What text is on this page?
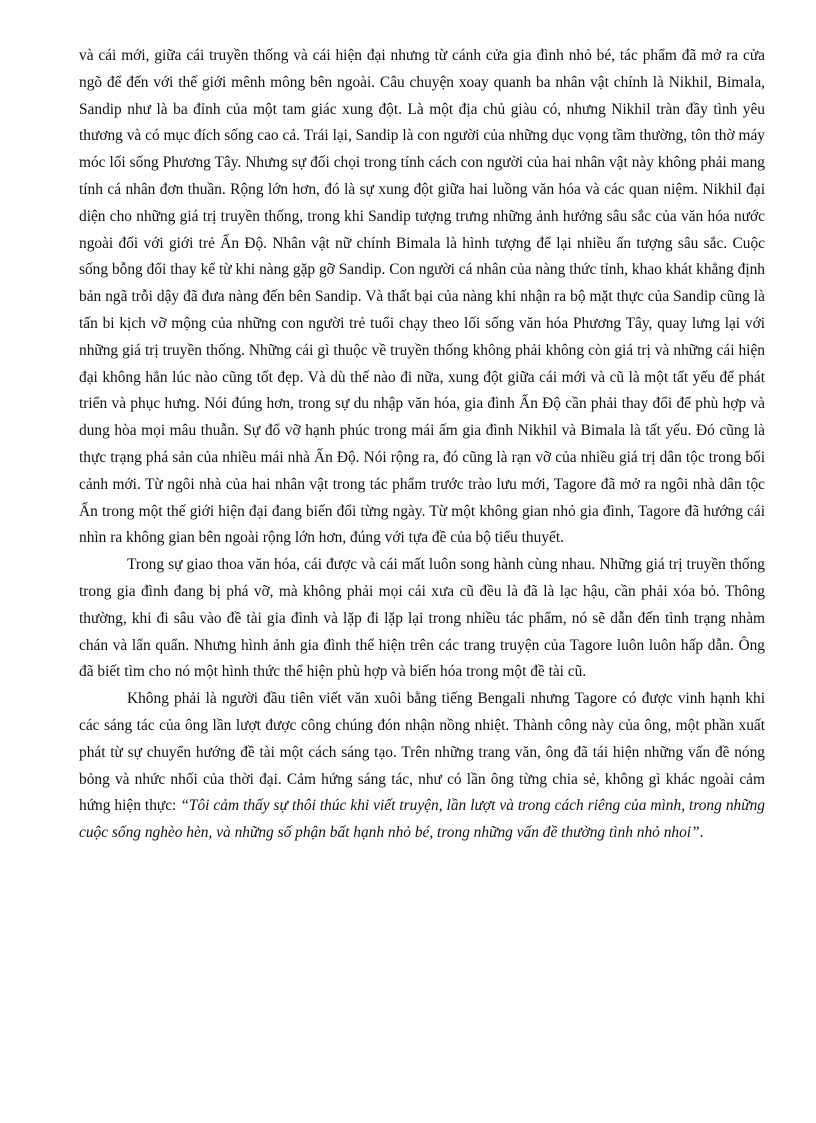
và cái mới, giữa cái truyền thống và cái hiện đại nhưng từ cánh cửa gia đình nhỏ bé, tác phẩm đã mở ra cửa ngõ để đến với thế giới mênh mông bên ngoài. Câu chuyện xoay quanh ba nhân vật chính là Nikhil, Bimala, Sandip như là ba đỉnh của một tam giác xung đột. Là một địa chủ giàu có, nhưng Nikhil tràn đầy tình yêu thương và có mục đích sống cao cả. Trái lại, Sandip là con người của những dục vọng tầm thường, tôn thờ máy móc lối sống Phương Tây. Nhưng sự đối chọi trong tính cách con người của hai nhân vật này không phải mang tính cá nhân đơn thuần. Rộng lớn hơn, đó là sự xung đột giữa hai luồng văn hóa và các quan niệm. Nikhil đại diện cho những giá trị truyền thống, trong khi Sandip tượng trưng những ảnh hưởng sâu sắc của văn hóa nước ngoài đối với giới trẻ Ấn Độ. Nhân vật nữ chính Bimala là hình tượng để lại nhiều ấn tượng sâu sắc. Cuộc sống bỗng đổi thay kể từ khi nàng gặp gỡ Sandip. Con người cá nhân của nàng thức tỉnh, khao khát khẳng định bản ngã trỗi dậy đã đưa nàng đến bên Sandip. Và thất bại của nàng khi nhận ra bộ mặt thực của Sandip cũng là tấn bi kịch vỡ mộng của những con người trẻ tuổi chạy theo lối sống văn hóa Phương Tây, quay lưng lại với những giá trị truyền thống. Những cái gì thuộc về truyền thống không phải không còn giá trị và những cái hiện đại không hẳn lúc nào cũng tốt đẹp. Và dù thế nào đi nữa, xung đột giữa cái mới và cũ là một tất yếu để phát triển và phục hưng. Nói đúng hơn, trong sự du nhập văn hóa, gia đình Ấn Độ cần phải thay đổi để phù hợp và dung hòa mọi mâu thuẫn. Sự đổ vỡ hạnh phúc trong mái ấm gia đình Nikhil và Bimala là tất yếu. Đó cũng là thực trạng phá sản của nhiều mái nhà Ấn Độ. Nói rộng ra, đó cũng là rạn vỡ của nhiều giá trị dân tộc trong bối cảnh mới. Từ ngôi nhà của hai nhân vật trong tác phẩm trước trào lưu mới, Tagore đã mở ra ngôi nhà dân tộc Ấn trong một thế giới hiện đại đang biến đổi từng ngày. Từ một không gian nhỏ gia đình, Tagore đã hướng cái nhìn ra không gian bên ngoài rộng lớn hơn, đúng với tựa đề của bộ tiểu thuyết.

Trong sự giao thoa văn hóa, cái được và cái mất luôn song hành cùng nhau. Những giá trị truyền thống trong gia đình đang bị phá vỡ, mà không phải mọi cái xưa cũ đều là đã là lạc hậu, cần phải xóa bỏ. Thông thường, khi đi sâu vào đề tài gia đình và lặp đi lặp lại trong nhiều tác phẩm, nó sẽ dẫn đến tình trạng nhàm chán và lẩn quẩn. Nhưng hình ảnh gia đình thể hiện trên các trang truyện của Tagore luôn luôn hấp dẫn. Ông đã biết tìm cho nó một hình thức thể hiện phù hợp và biến hóa trong một đề tài cũ.

Không phải là người đầu tiên viết văn xuôi bằng tiếng Bengali nhưng Tagore có được vinh hạnh khi các sáng tác của ông lần lượt được công chúng đón nhận nồng nhiệt. Thành công này của ông, một phần xuất phát từ sự chuyển hướng đề tài một cách sáng tạo. Trên những trang văn, ông đã tái hiện những vấn đề nóng bỏng và nhức nhối của thời đại. Cảm hứng sáng tác, như có lần ông từng chia sẻ, không gì khác ngoài cảm hứng hiện thực: “Tôi cảm thấy sự thôi thúc khi viết truyện, lần lượt và trong cách riêng của mình, trong những cuộc sống nghèo hèn, và những số phận bất hạnh nhỏ bé, trong những vấn đề thường tình nhỏ nhoi”.
